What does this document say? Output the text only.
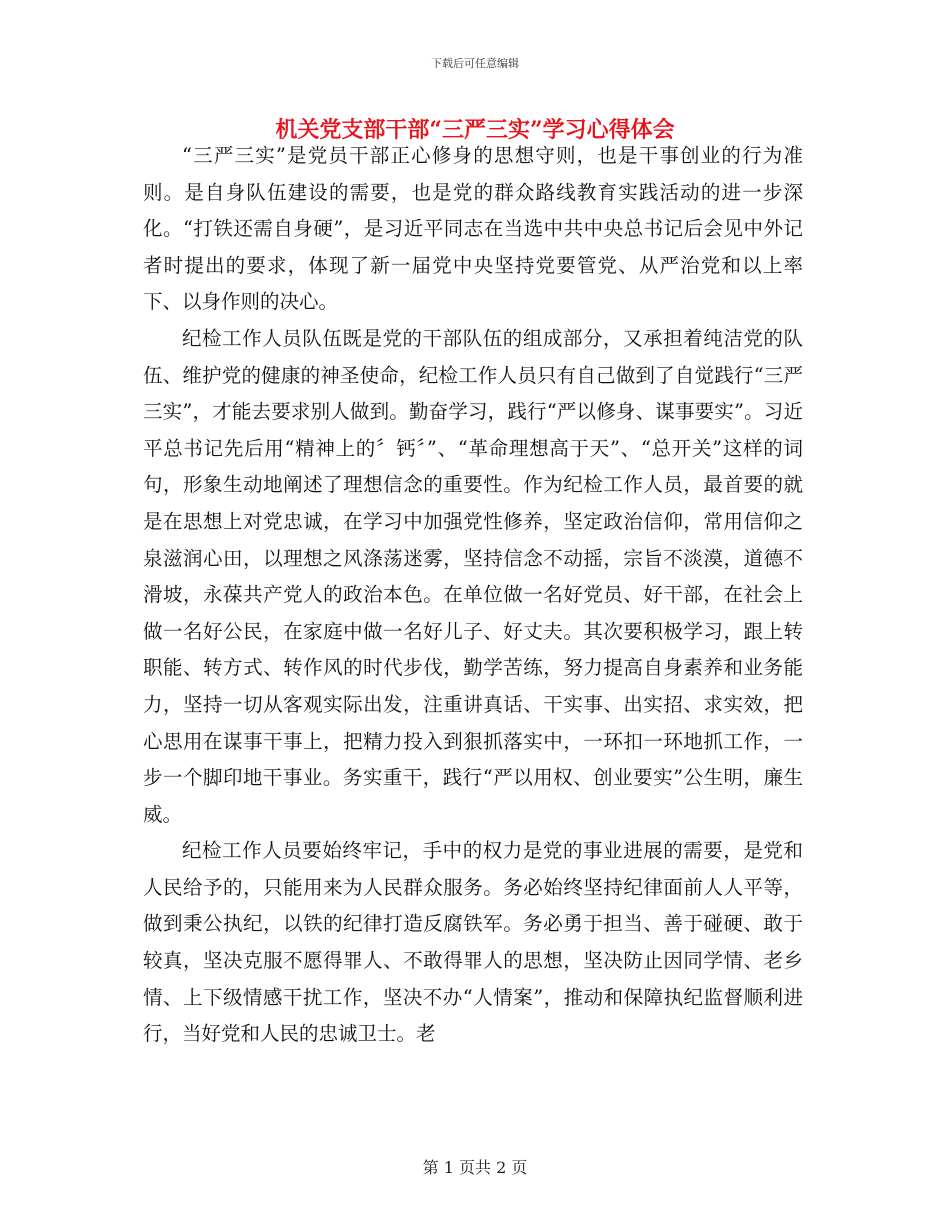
下载后可任意编辑
机关党支部干部“三严三实”学习心得体会

“三严三实”是党员干部正心修身的思想守则，也是干事创业的行为准则。是自身队伍建设的需要，也是党的群众路线教育实践活动的进一步深化。“打铁还需自身硬”，是习近平同志在当选中共中央总书记后会见中外记者时提出的要求，体现了新一届党中央坚持党要管党、从严治党和以上率下、以身作则的决心。

纪检工作人员队伍既是党的干部队伍的组成部分，又承担着纯洁党的队伍、维护党的健康的神圣使命，纪检工作人员只有自己做到了自觉践行“三严三实”，才能去要求别人做到。勤奋学习，践行“严以修身、谋事要实”。习近平总书记先后用“精神上的〞钙〞”、“革命理想高于天”、“总开关”这样的词句，形象生动地阐述了理想信念的重要性。作为纪检工作人员，最首要的就是在思想上对党忠诚，在学习中加强党性修养，坚定政治信仰，常用信仰之泉滋润心田，以理想之风涤荡迷雾，坚持信念不动摇，宗旨不淡漠，道德不滑坡，永葆共产党人的政治本色。在单位做一名好党员、好干部，在社会上做一名好公民，在家庭中做一名好儿子、好丈夫。其次要积极学习，跟上转职能、转方式、转作风的时代步伐，勤学苦练，努力提高自身素养和业务能力，坚持一切从客观实际出发，注重讲真话、干实事、出实招、求实效，把心思用在谋事干事上，把精力投入到狠抓落实中，一环扣一环地抓工作，一步一个脚印地干事业。务实重干，践行“严以用权、创业要实”公生明，廉生威。

纪检工作人员要始终牢记，手中的权力是党的事业进展的需要，是党和人民给予的，只能用来为人民群众服务。务必始终坚持纪律面前人人平等，做到秉公执纪，以铁的纪律打造反腐铁军。务必勇于担当、善于碰硬、敢于较真，坚决克服不愿得罪人、不敢得罪人的思想，坚决防止因同学情、老乡情、上下级情感干扰工作，坚决不办“人情案”，推动和保障执纪监督顺利进行，当好党和人民的忠诚卫士。老

第 1 页共 2 页
